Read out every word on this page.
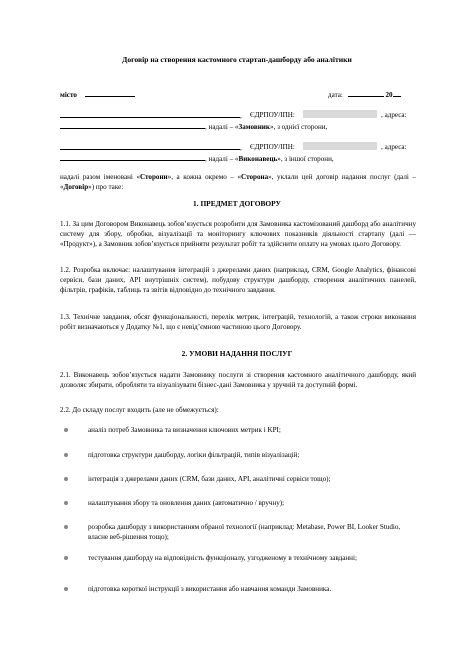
Договір на створення кастомного стартап-дашборду або аналітики
місто	дата:	20
, ЄДРПОУ/ІПН:	, адреса:
, надалі – «Замовник», з однієї сторони,
, ЄДРПОУ/ІПН:	, адреса:
, надалі – «Виконавець», з іншої сторони,
надалі разом іменовані «Сторони», а кожна окремо – «Сторона», уклали цей договір надання послуг (далі – «Договір») про таке:
1. ПРЕДМЕТ ДОГОВОРУ
1.1. За цим Договором Виконавець зобов’язується розробити для Замовника кастомізований дашборд або аналітичну систему для збору, обробки, візуалізації та моніторингу ключових показників діяльності стартапу (далі — «Продукт»), а Замовник зобов’язується прийняти результат робіт та здійснити оплату на умовах цього Договору.
1.2. Розробка включає: налаштування інтеграцій з джерелами даних (наприклад, CRM, Google Analytics, фінансові сервіси, бази даних, API внутрішніх систем), побудову структури дашборду, створення аналітичних панелей, фільтрів, графіків, таблиць та звітів відповідно до технічного завдання.
1.3. Технічне завдання, обсяг функціональності, перелік метрик, інтеграцій, технологій, а також строки виконання робіт визначаються у Додатку №1, що є невід’ємною частиною цього Договору.
2. УМОВИ НАДАННЯ ПОСЛУГ
2.1. Виконавець зобов’язується надати Замовнику послуги зі створення кастомного аналітичного дашборду, який дозволяє збирати, обробляти та візуалізувати бізнес-дані Замовника у зручній та доступній формі.
2.2. До складу послуг входить (але не обмежується):
аналіз потреб Замовника та визначення ключових метрик і KPI;
підготовка структури дашборду, логіки фільтрацій, типів візуалізацій;
інтеграція з джерелами даних (CRM, бази даних, API, аналітичні сервіси тощо);
налаштування збору та оновлення даних (автоматично / вручну);
розробка дашборду з використанням обраної технології (наприклад: Metabase, Power BI, Looker Studio, власне веб-рішення тощо);
тестування дашборду на відповідність функціоналу, узгодженому в технічному завданні;
підготовка короткої інструкції з використання або навчання команди Замовника.
